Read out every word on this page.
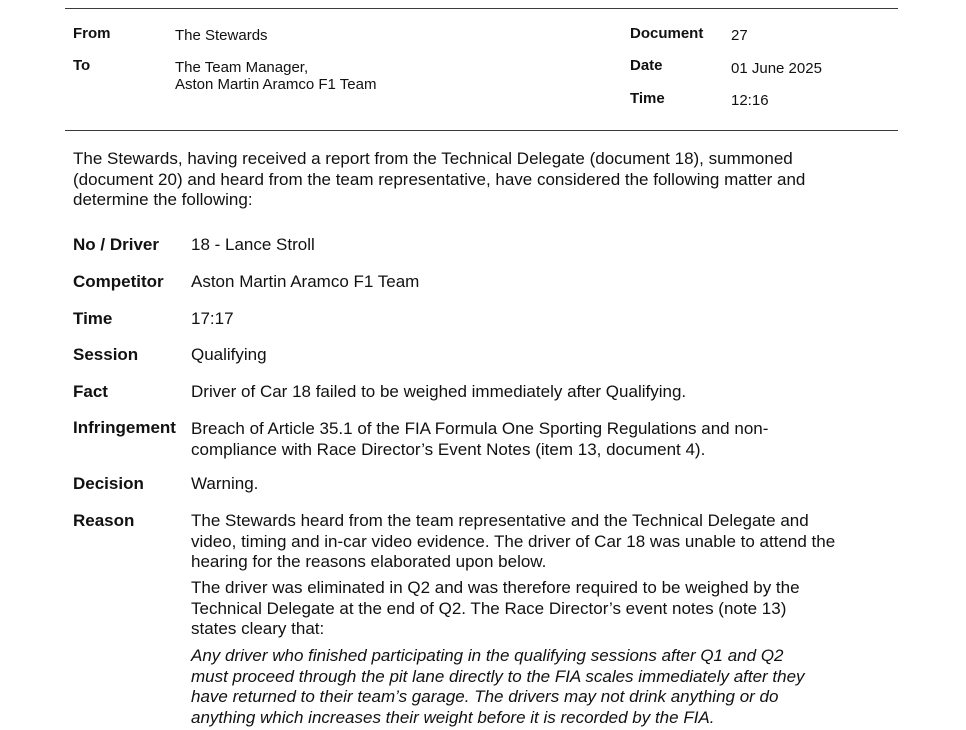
From	The Stewards
To	The Team Manager,
Aston Martin Aramco F1 Team
Document 27
Date	01 June 2025
Time	12:16
The Stewards, having received a report from the Technical Delegate (document 18), summoned
(document 20) and heard from the team representative, have considered the following matter and
determine the following:
No / Driver 18 - Lance Stroll
Competitor Aston Martin Aramco F1 Team
Time	17:17
Session	Qualifying
Fact	Driver of Car 18 failed to be weighed immediately after Qualifying.
Infringement Breach of Article 35.1 of the FIA Formula One Sporting Regulations and non-
compliance with Race Director’s Event Notes (item 13, document 4).
Decision	Warning.
Reason	The Stewards heard from the team representative and the Technical Delegate and
video, timing and in-car video evidence. The driver of Car 18 was unable to attend the
hearing for the reasons elaborated upon below.
The driver was eliminated in Q2 and was therefore required to be weighed by the
Technical Delegate at the end of Q2. The Race Director’s event notes (note 13)
states cleary that:
Any driver who finished participating in the qualifying sessions after Q1 and Q2
must proceed through the pit lane directly to the FIA scales immediately after they
have returned to their team’s garage. The drivers may not drink anything or do
anything which increases their weight before it is recorded by the FIA.
